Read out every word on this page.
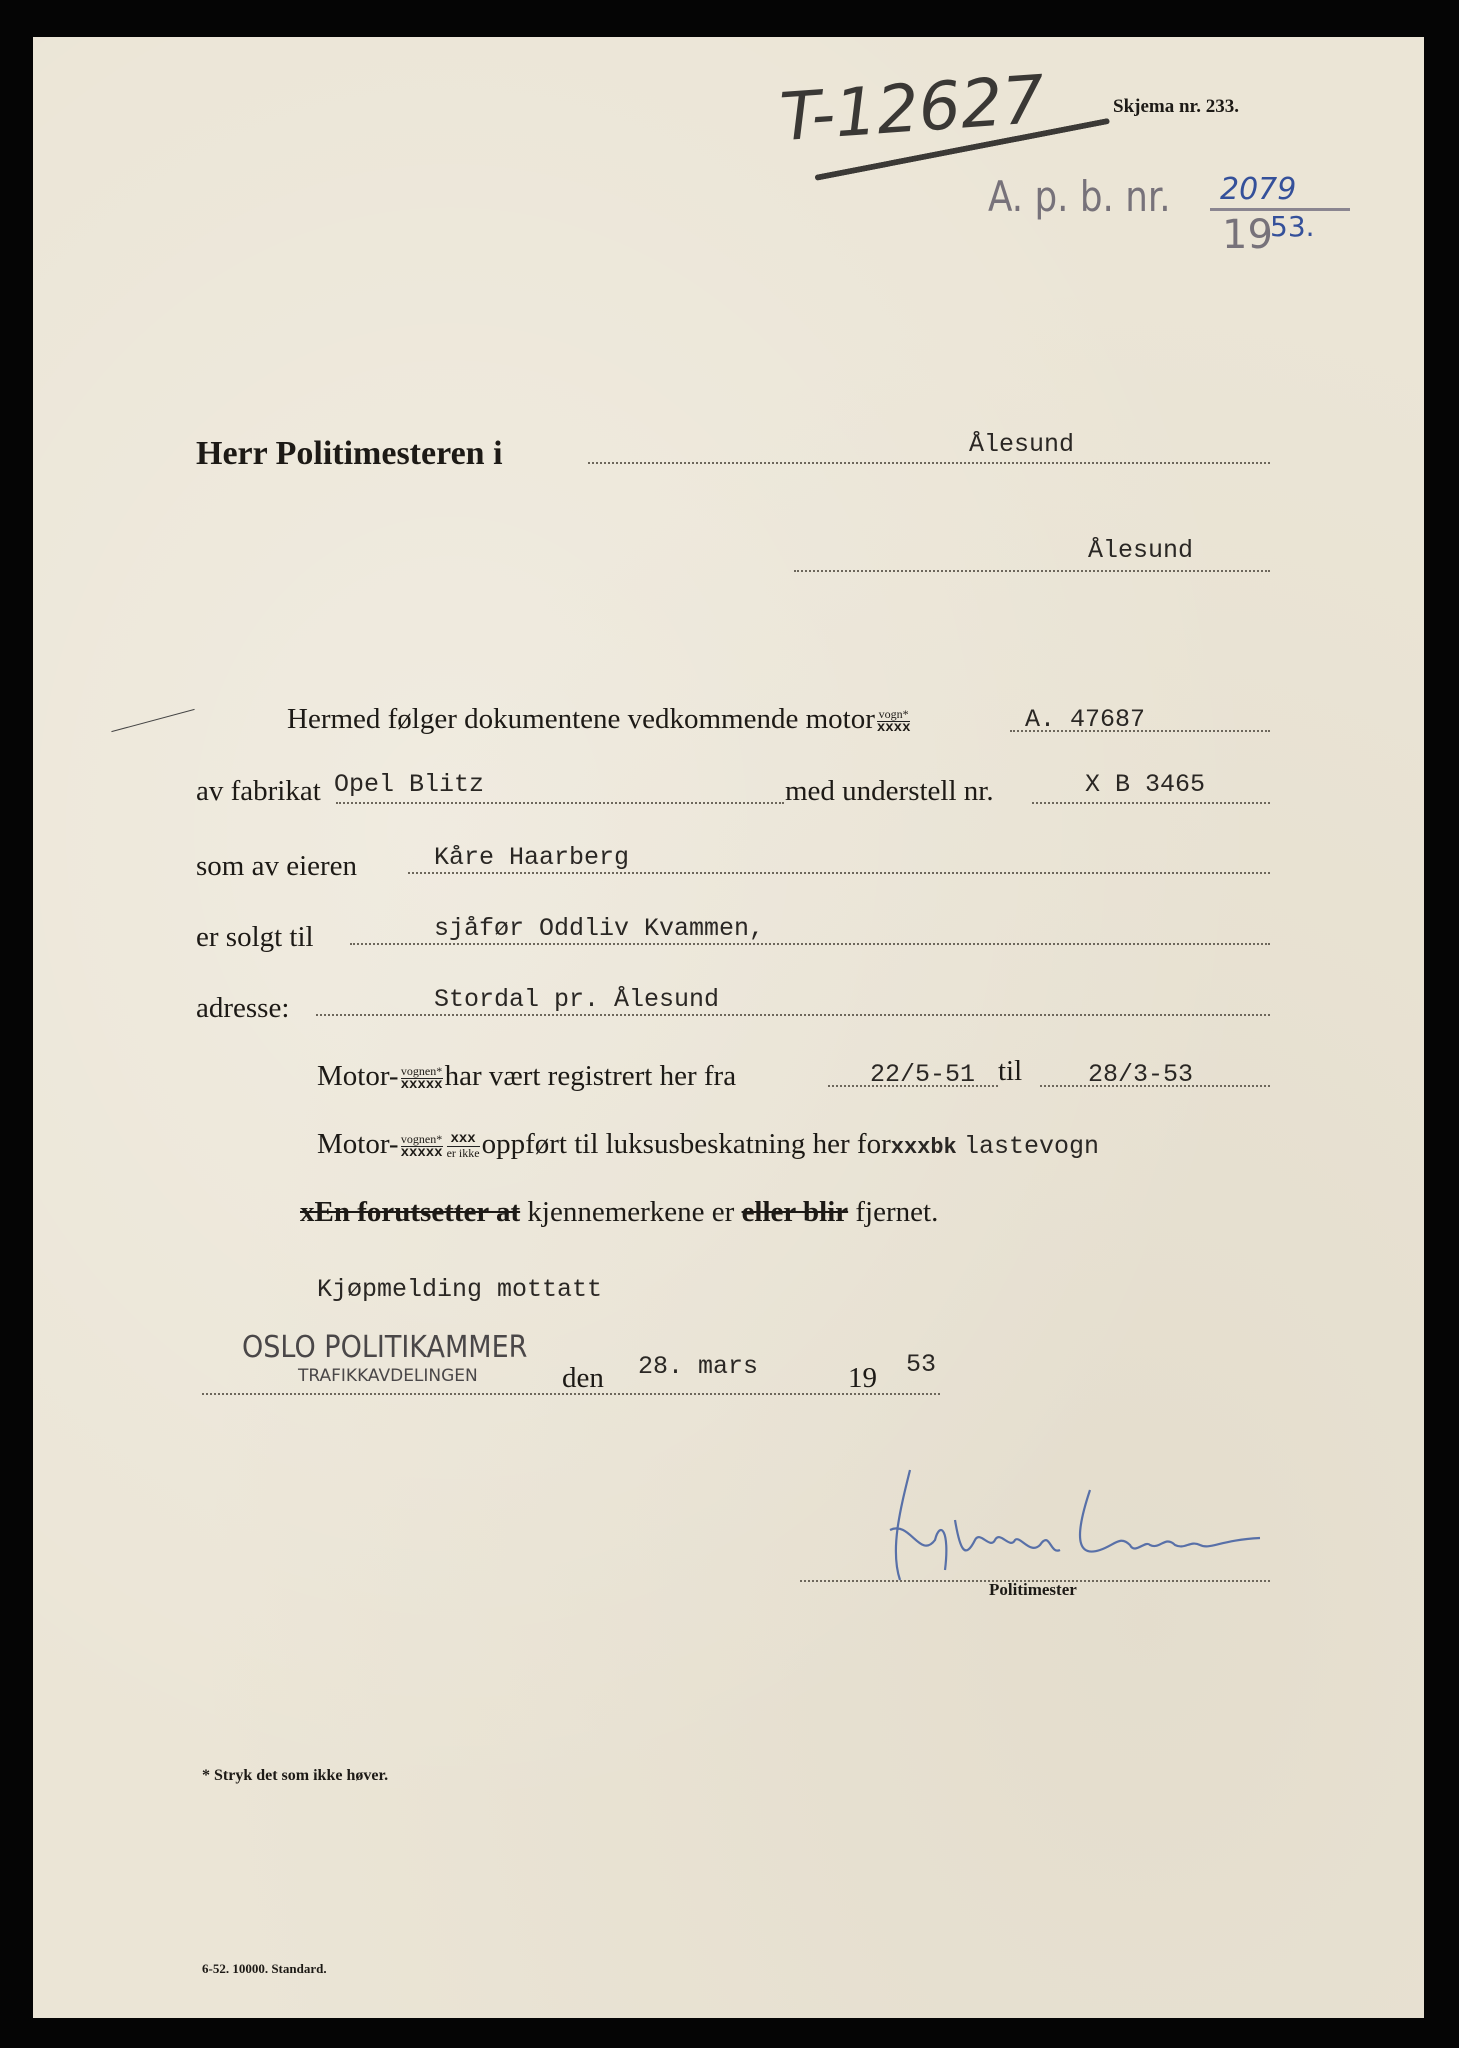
T-12627	Skjema nr. 233.
A. p. b. nr. 2079
19
53.
Herr Politimesteren i	Ålesund
Ålesund
Hermed følger dokumentene vedkommende motor $\frac{\text{vogn*}}{\text{xxxx}}$	A. 47687
av fabrikat Opel Blitz	med understell nr.	X B 3465
som av eieren	Kåre Haarberg
er solgt til	sjåfør Oddliv Kvammen,
adresse:	Stordal pr. Ålesund
Motor- $\frac{\text{vognen*}}{\text{xxxxx}}$ har vært registrert her fra	22/5-51 til	28/3-53
Motor- $\frac{\text{vognen*}}{\text{xxxxx}} \frac{\text{xxx}}{\text{er ikke}}$ oppført til luksusbeskatning her forxxxbk lastevogn
xEn forutsetter at kjennemerkene er eller blir fjernet.
Kjøpmelding mottatt
OSLO POLITIKAMMER
TRAFIKKAVDELINGEN	den 28. mars	19 53
Politimester
* Stryk det som ikke høver.
6-52. 10000. Standard.
